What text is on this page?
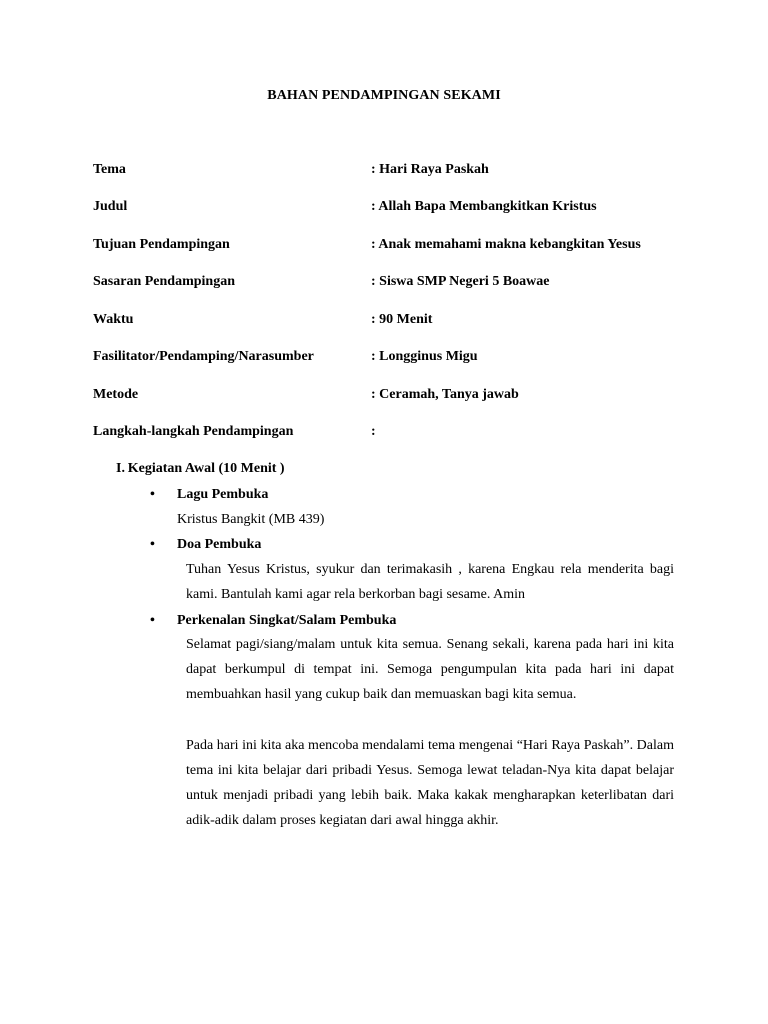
BAHAN PENDAMPINGAN SEKAMI
Tema	: Hari Raya Paskah
Judul	: Allah Bapa Membangkitkan Kristus
Tujuan Pendampingan	: Anak memahami makna kebangkitan Yesus
Sasaran Pendampingan	: Siswa SMP Negeri 5 Boawae
Waktu	: 90 Menit
Fasilitator/Pendamping/Narasumber	: Longginus Migu
Metode	: Ceramah, Tanya jawab
Langkah-langkah Pendampingan	:
I. Kegiatan Awal (10 Menit )
• Lagu Pembuka
Kristus Bangkit (MB 439)
• Doa Pembuka
Tuhan Yesus Kristus, syukur dan terimakasih , karena Engkau rela menderita bagi kami. Bantulah kami agar rela berkorban bagi sesame. Amin
• Perkenalan Singkat/Salam Pembuka
Selamat pagi/siang/malam untuk kita semua. Senang sekali, karena pada hari ini kita dapat berkumpul di tempat ini. Semoga pengumpulan kita pada hari ini dapat membuahkan hasil yang cukup baik dan memuaskan bagi kita semua.
Pada hari ini kita aka mencoba mendalami tema mengenai “Hari Raya Paskah”. Dalam tema ini kita belajar dari pribadi Yesus. Semoga lewat teladan-Nya kita dapat belajar untuk menjadi pribadi yang lebih baik. Maka kakak mengharapkan keterlibatan dari adik-adik dalam proses kegiatan dari awal hingga akhir.
